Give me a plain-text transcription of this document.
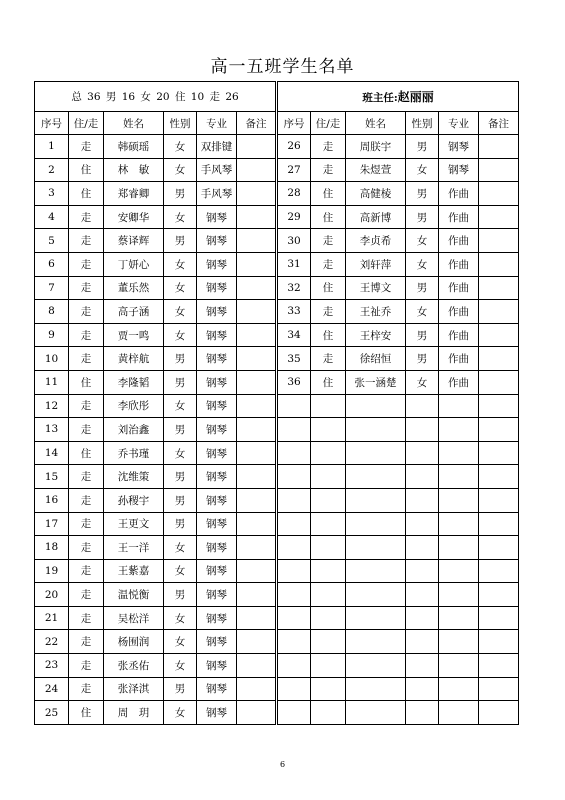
高一五班学生名单
总 36 男 16 女 20 住 10 走 26						班主任:赵丽丽					
序号	住/走	姓名	性别	专业	备注	序号	住/走	姓名	性别	专业	备注
1	走	韩硕瑶	女	双排键		26	走	周朕宇	男	钢琴	
2	住	林　敏	女	手风琴		27	走	朱煜萱	女	钢琴	
3	住	郑睿卿	男	手风琴		28	住	高健棱	男	作曲	
4	走	安卿华	女	钢琴		29	住	高新博	男	作曲	
5	走	蔡译辉	男	钢琴		30	走	李贞希	女	作曲	
6	走	丁妍心	女	钢琴		31	走	刘轩萍	女	作曲	
7	走	董乐然	女	钢琴		32	住	王博文	男	作曲	
8	走	高子涵	女	钢琴		33	走	王祉乔	女	作曲	
9	走	贾一鸣	女	钢琴		34	住	王梓安	男	作曲	
10	走	黄梓航	男	钢琴		35	走	徐绍恒	男	作曲	
11	住	李隆韬	男	钢琴		36	住	张一涵楚	女	作曲	
12	走	李欣彤	女	钢琴							
13	走	刘治鑫	男	钢琴							
14	住	乔书瑾	女	钢琴							
15	走	沈维策	男	钢琴							
16	走	孙稷宇	男	钢琴							
17	走	王更文	男	钢琴							
18	走	王一洋	女	钢琴							
19	走	王紫嘉	女	钢琴							
20	走	温悦衡	男	钢琴							
21	走	吴松洋	女	钢琴							
22	走	杨囿润	女	钢琴							
23	走	张丞佑	女	钢琴							
24	走	张泽淇	男	钢琴							
25	住	周　玥	女	钢琴							
6
